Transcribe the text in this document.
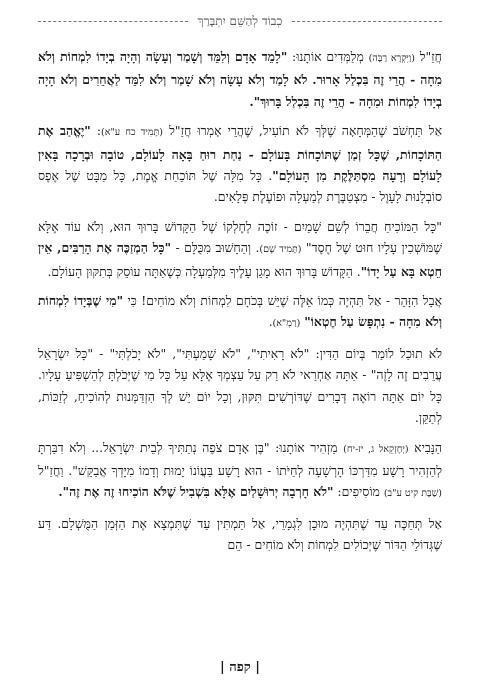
כְבוֹד לְהַשֵּׁם יִתְבָּרַךְ

חֲזַ"ל (וַיִּקְרָא רַבָּה) מְלַמְּדִים אוֹתָנוּ: "לָמֵד אָדָם וְלִמֵּד וְשָׁמַר וְעָשָׂה וְהָיָה בְיָדוֹ לִמְחוֹת וְלֹא מִחָה - הֲרֵי זֶה בִּכְלַל אָרוּר. לֹא לָמַד וְלֹא עָשָׂה וְלֹא שָׁמַר וְלֹא לִמֵּד לַאֲחֵרִים וְלֹא הָיָה בְיָדוֹ לִמְחוֹת וּמִחָה - הֲרֵי זֶה בִּכְלַל בָּרוּךְ".

אַל תַּחְשֹׁב שֶׁהַמְּחָאָה שֶׁלְּךָ לֹא תוֹעִיל, שֶׁהֲרֵי אָמְרוּ חֲזַ"ל (תָּמִיד כח ע"א): "יֶאֱהַב אֶת הַתּוֹכָחוֹת, שֶׁכָּל זְמַן שֶׁתּוֹכָחוֹת בָּעוֹלָם - נַחַת רוּחַ בָּאָה לָעוֹלָם, טוֹבָה וּבְרָכָה בָּאִין לָעוֹלָם וְרָעָה מִסְתַּלֶּקֶת מִן הָעוֹלָם". כָּל מִלָּה שֶׁל תּוֹכַחַת אֱמֶת, כָּל מַבָּט שֶׁל אֶפֶס סוֹבְלָנוּת לָעָוֶל - מִצְטַבֶּרֶת לְמַעְלָה וּפוֹעֶלֶת פְּלָאִים.

"כָּל הַמּוֹכִיחַ חֲבֵרוֹ לְשֵׁם שָׁמַיִם - זוֹכֶה לְחֶלְקוֹ שֶׁל הַקָּדוֹשׁ בָּרוּךְ הוּא, וְלֹא עוֹד אֶלָּא שֶׁמּוֹשְׁכִין עָלָיו חוּט שֶׁל חֶסֶד" (תָּמִיד שָׁם). וְהַחָשׁוּב מִכֻּלָּם - "כָּל הַמְזַכֶּה אֶת הָרַבִּים, אֵין חֵטְא בָּא עַל יָדוֹ". הַקָּדוֹשׁ בָּרוּךְ הוּא מָגֵן עָלֶיךָ מִלְּמַעְלָה כְּשֶׁאַתָּה עוֹסֵק בְּתִקּוּן הָעוֹלָם.

אֲבָל הִזָּהֵר - אַל תִּהְיֶה כְּמוֹ אֵלֶּה שֶׁיֵּשׁ בְּכֹחָם לִמְחוֹת וְלֹא מוֹחִים! כִּי "מִי שֶׁבְּיָדוֹ לִמְחוֹת וְלֹא מִחָה - נִתְפָּשׂ עַל חֶטְאוֹ" (רַמְ"א).

לֹא תוּכַל לוֹמַר בְּיוֹם הַדִּין: "לֹא רָאִיתִי", "לֹא שָׁמַעְתִּי", "לֹא יָכֹלְתִּי" - "כָּל יִשְׂרָאֵל עֲרֵבִים זֶה לָזֶה" - אַתָּה אַחְרַאי לֹא רַק עַל עַצְמְךָ אֶלָּא עַל כָּל מִי שֶׁיְּכֹלְתָּ לְהַשְׁפִּיעַ עָלָיו. כָּל יוֹם אַתָּה רוֹאֶה דְּבָרִים שֶׁדּוֹרְשִׁים תִּקּוּן, וְכָל יוֹם יֵשׁ לְךָ הִזְדַּמְּנוּת לְהוֹכִיחַ, לְזַכּוֹת, לְתַקֵּן.

הַנָּבִיא (יְחֶזְקֵאל ג, יז-יח) מַזְהִיר אוֹתָנוּ: "בֶּן אָדָם צֹפֶה נְתַתִּיךָ לְבֵית יִשְׂרָאֵל... וְלֹא דִבַּרְתָּ לְהַזְהִיר רָשָׁע מִדַּרְכּוֹ הָרְשָׁעָה לְחַיֹּתוֹ - הוּא רָשָׁע בַּעֲוֹנוֹ יָמוּת וְדָמוֹ מִיָּדְךָ אֲבַקֵּשׁ". וַחֲזַ"ל (שַׁבָּת קיט ע"ב) מוֹסִיפִים: "לֹא חָרְבָה יְרוּשָׁלַיִם אֶלָּא בִּשְׁבִיל שֶׁלֹּא הוֹכִיחוּ זֶה אֶת זֶה".

אַל תְּחַכֶּה עַד שֶׁתִּהְיֶה מוּכָן לִגְמָרֵי, אַל תַּמְתִּין עַד שֶׁתִּמְצָא אֶת הַזְּמַן הַמֻּשְׁלָם. דַּע שֶׁגְּדוֹלֵי הַדּוֹר שֶׁיְּכוֹלִים לִמְחוֹת וְלֹא מוֹחִים - הֵם

| קפה |
